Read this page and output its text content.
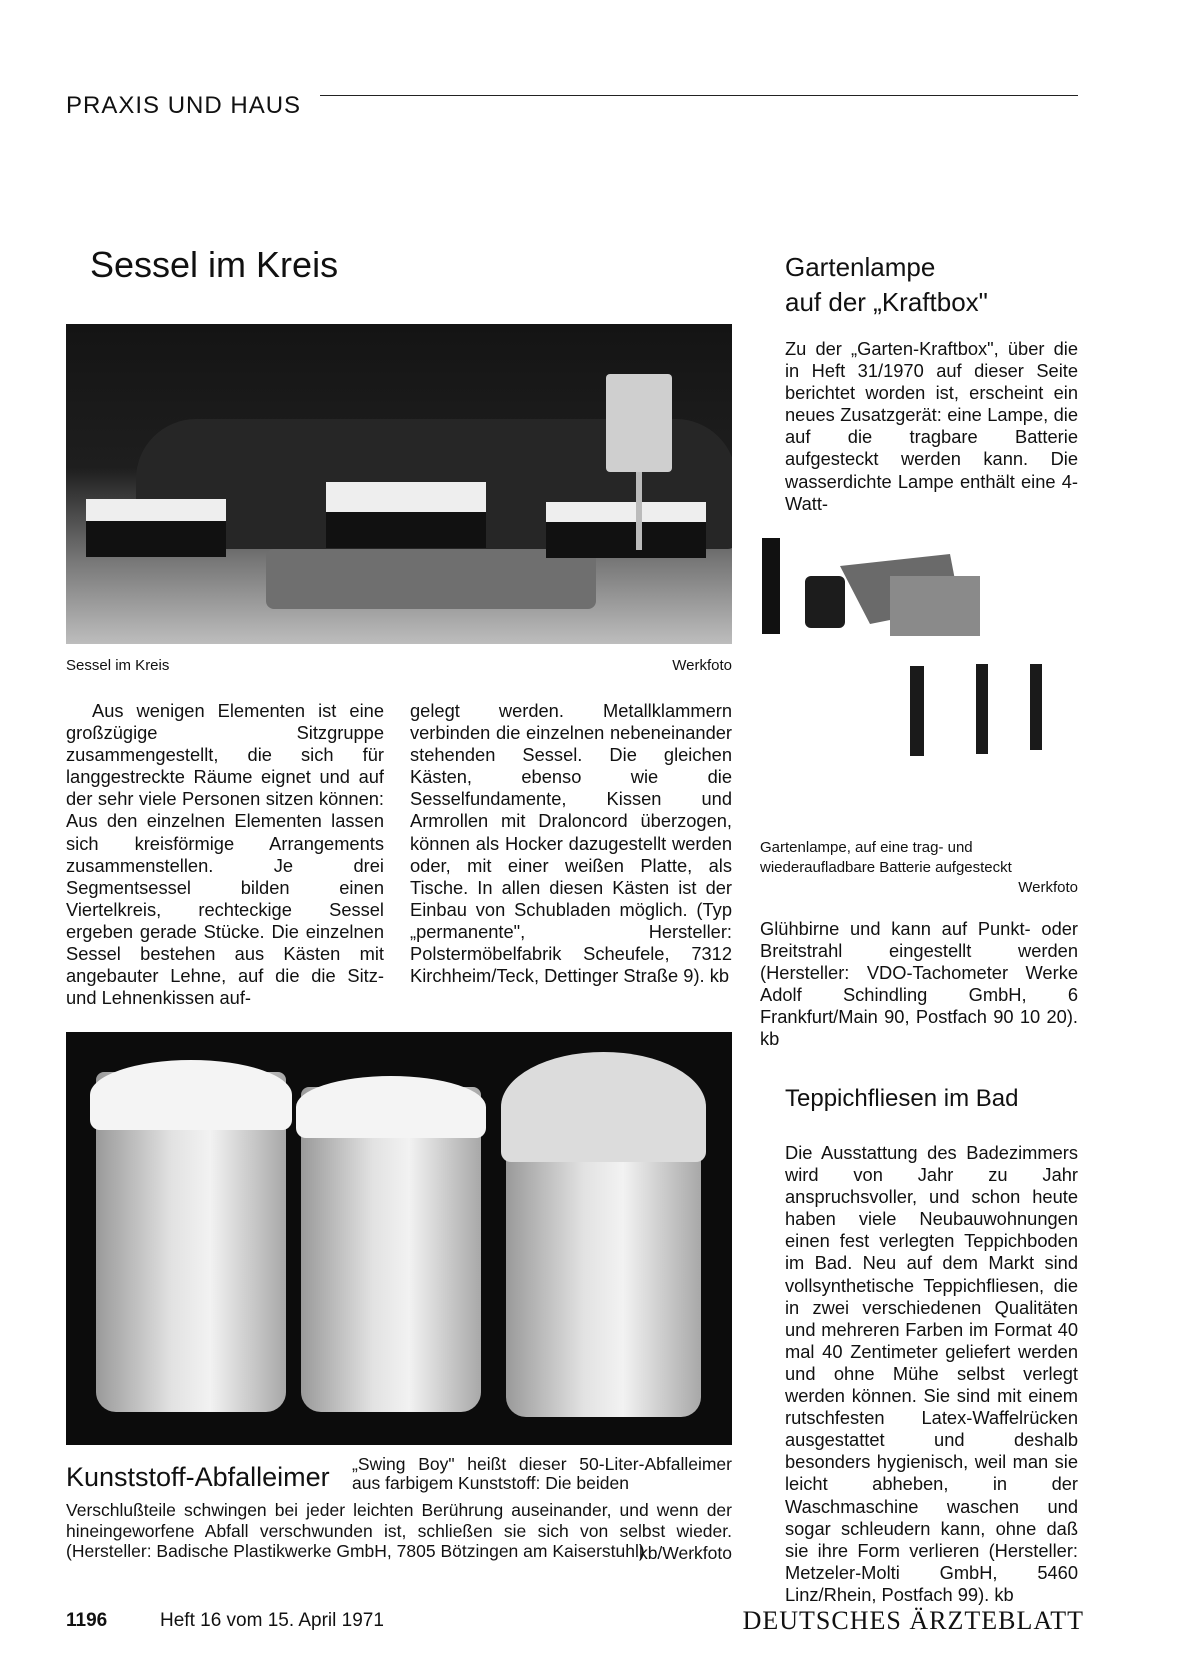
PRAXIS UND HAUS
Sessel im Kreis
Sessel im Kreis	Werkfoto
Aus wenigen Elementen ist eine großzügige Sitzgruppe zusammengestellt, die sich für langgestreckte Räume eignet und auf der sehr viele Personen sitzen können: Aus den einzelnen Elementen lassen sich kreisförmige Arrangements zusammenstellen. Je drei Segmentsessel bilden einen Viertelkreis, rechteckige Sessel ergeben gerade Stücke. Die einzelnen Sessel bestehen aus Kästen mit angebauter Lehne, auf die die Sitz- und Lehnenkissen auf-
gelegt werden. Metallklammern verbinden die einzelnen nebeneinander stehenden Sessel. Die gleichen Kästen, ebenso wie die Sesselfundamente, Kissen und Armrollen mit Draloncord überzogen, können als Hocker dazugestellt werden oder, mit einer weißen Platte, als Tische. In allen diesen Kästen ist der Einbau von Schubladen möglich. (Typ „permanente", Hersteller: Polstermöbelfabrik Scheufele, 7312 Kirchheim/Teck, Dettinger Straße 9). kb
Gartenlampe
auf der „Kraftbox"
Zu der „Garten-Kraftbox", über die in Heft 31/1970 auf dieser Seite berichtet worden ist, erscheint ein neues Zusatzgerät: eine Lampe, die auf die tragbare Batterie aufgesteckt werden kann. Die wasserdichte Lampe enthält eine 4-Watt-
Gartenlampe, auf eine trag- und wiederaufladbare Batterie aufgesteckt
Werkfoto
Glühbirne und kann auf Punkt- oder Breitstrahl eingestellt werden (Hersteller: VDO-Tachometer Werke Adolf Schindling GmbH, 6 Frankfurt/Main 90, Postfach 90 10 20). kb
Teppichfliesen im Bad
Die Ausstattung des Badezimmers wird von Jahr zu Jahr anspruchsvoller, und schon heute haben viele Neubauwohnungen einen fest verlegten Teppichboden im Bad. Neu auf dem Markt sind vollsynthetische Teppichfliesen, die in zwei verschiedenen Qualitäten und mehreren Farben im Format 40 mal 40 Zentimeter geliefert werden und ohne Mühe selbst verlegt werden können. Sie sind mit einem rutschfesten Latex-Waffelrücken ausgestattet und deshalb besonders hygienisch, weil man sie leicht abheben, in der Waschmaschine waschen und sogar schleudern kann, ohne daß sie ihre Form verlieren (Hersteller: Metzeler-Molti GmbH, 5460 Linz/Rhein, Postfach 99). kb
Kunststoff-Abfalleimer „Swing Boy" heißt dieser 50-Liter-Abfalleimer aus farbigem Kunststoff: Die beiden
Verschlußteile schwingen bei jeder leichten Berührung auseinander, und wenn der hineingeworfene Abfall verschwunden ist, schließen sie sich von selbst wieder. (Hersteller: Badische Plastikwerke GmbH, 7805 Bötzingen am Kaiserstuhl)
kb/Werkfoto
1196	Heft 16 vom 15. April 1971	DEUTSCHES ÄRZTEBLATT
